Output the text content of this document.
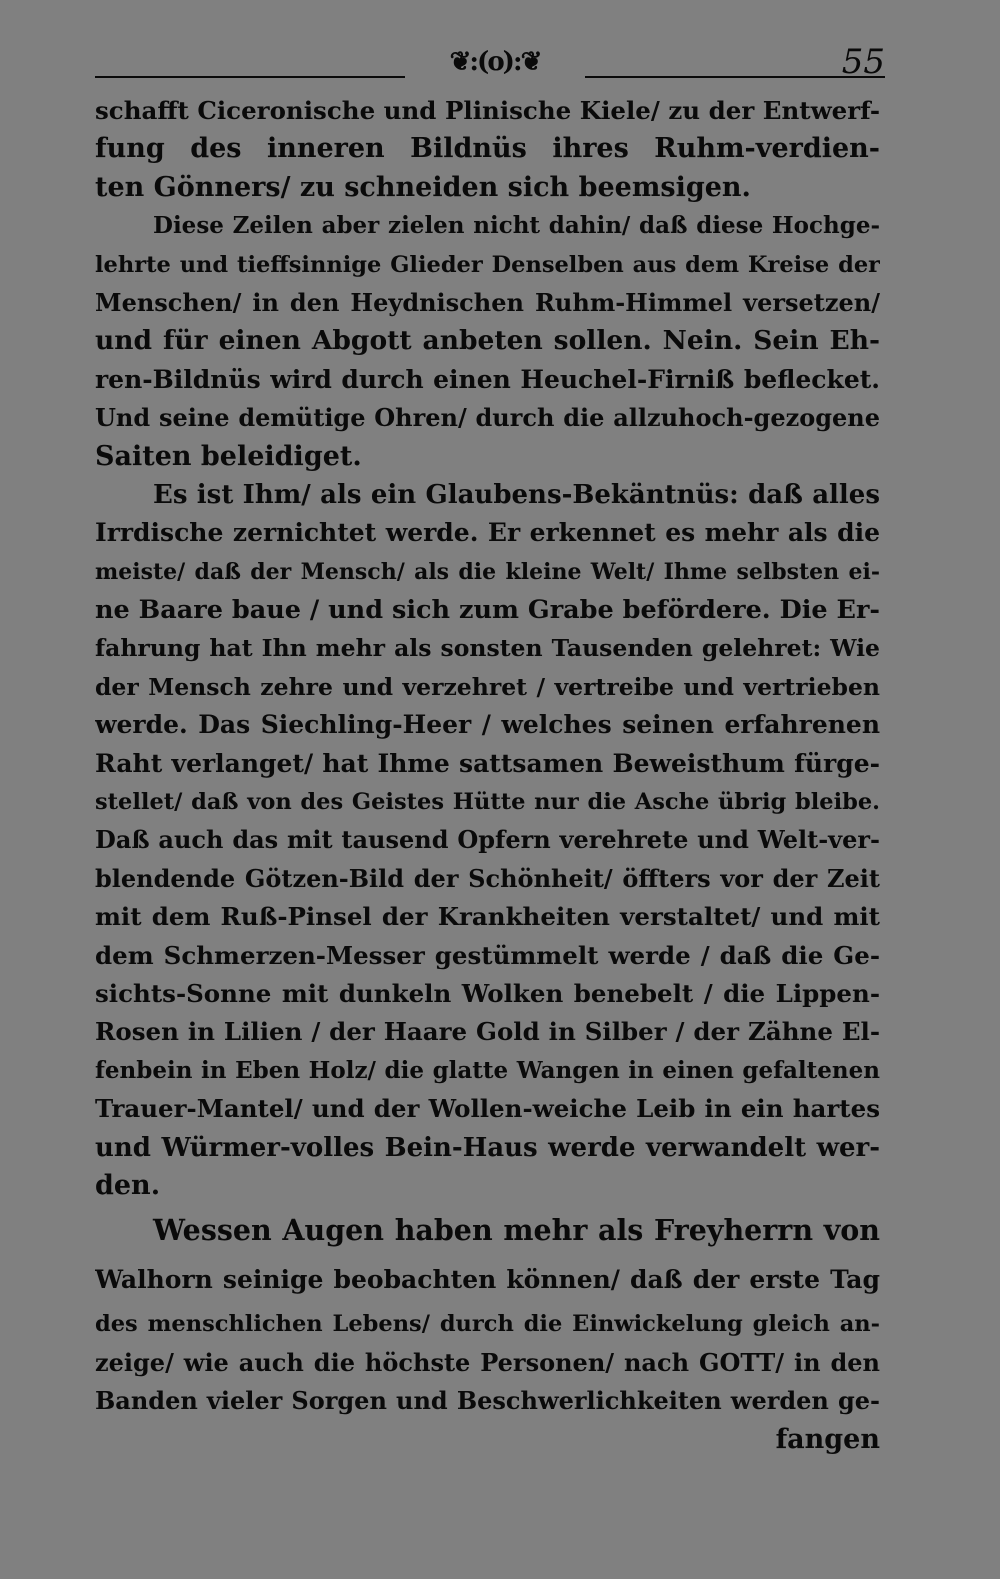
❦:(o):❦	55
schafft Ciceronische und Plinische Kiele/ zu der Entwerf-
fung des inneren Bildnüs ihres Ruhm-verdien-
ten Gönners/ zu schneiden sich beemsigen.
Diese Zeilen aber zielen nicht dahin/ daß diese Hochge-
lehrte und tieffsinnige Glieder Denselben aus dem Kreise der
Menschen/ in den Heydnischen Ruhm-Himmel versetzen/
und für einen Abgott anbeten sollen. Nein. Sein Eh-
ren-Bildnüs wird durch einen Heuchel-Firniß beflecket.
Und seine demütige Ohren/ durch die allzuhoch-gezogene
Saiten beleidiget.
Es ist Ihm/ als ein Glaubens-Bekäntnüs: daß alles
Irrdische zernichtet werde. Er erkennet es mehr als die
meiste/ daß der Mensch/ als die kleine Welt/ Ihme selbsten ei-
ne Baare baue / und sich zum Grabe befördere. Die Er-
fahrung hat Ihn mehr als sonsten Tausenden gelehret: Wie
der Mensch zehre und verzehret / vertreibe und vertrieben
werde. Das Siechling-Heer / welches seinen erfahrenen
Raht verlanget/ hat Ihme sattsamen Beweisthum fürge-
stellet/ daß von des Geistes Hütte nur die Asche übrig bleibe.
Daß auch das mit tausend Opfern verehrete und Welt-ver-
blendende Götzen-Bild der Schönheit/ öffters vor der Zeit
mit dem Ruß-Pinsel der Krankheiten verstaltet/ und mit
dem Schmerzen-Messer gestümmelt werde / daß die Ge-
sichts-Sonne mit dunkeln Wolken benebelt / die Lippen-
Rosen in Lilien / der Haare Gold in Silber / der Zähne El-
fenbein in Eben Holz/ die glatte Wangen in einen gefaltenen
Trauer-Mantel/ und der Wollen-weiche Leib in ein hartes
und Würmer-volles Bein-Haus werde verwandelt wer-
den.
Wessen Augen haben mehr als Freyherrn von
Walhorn seinige beobachten können/ daß der erste Tag
des menschlichen Lebens/ durch die Einwickelung gleich an-
zeige/ wie auch die höchste Personen/ nach GOTT/ in den
Banden vieler Sorgen und Beschwerlichkeiten werden ge-
fangen
